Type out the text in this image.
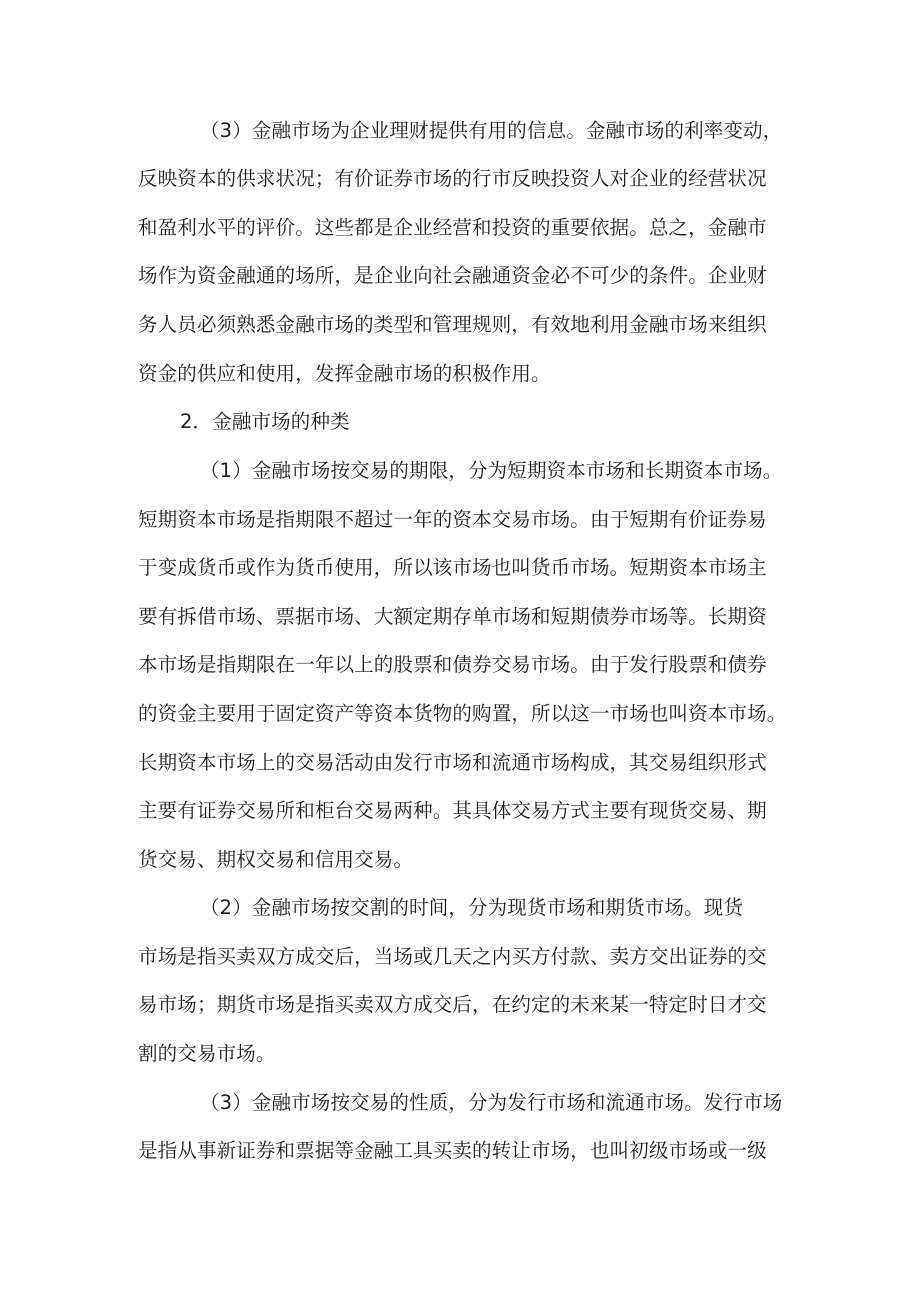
（3）金融市场为企业理财提供有用的信息。金融市场的利率变动，
反映资本的供求状况；有价证券市场的行市反映投资人对企业的经营状况
和盈利水平的评价。这些都是企业经营和投资的重要依据。总之，金融市
场作为资金融通的场所，是企业向社会融通资金必不可少的条件。企业财
务人员必须熟悉金融市场的类型和管理规则，有效地利用金融市场来组织
资金的供应和使用，发挥金融市场的积极作用。
2．金融市场的种类
（1）金融市场按交易的期限，分为短期资本市场和长期资本市场。
短期资本市场是指期限不超过一年的资本交易市场。由于短期有价证券易
于变成货币或作为货币使用，所以该市场也叫货币市场。短期资本市场主
要有拆借市场、票据市场、大额定期存单市场和短期债券市场等。长期资
本市场是指期限在一年以上的股票和债券交易市场。由于发行股票和债券
的资金主要用于固定资产等资本货物的购置，所以这一市场也叫资本市场。
长期资本市场上的交易活动由发行市场和流通市场构成，其交易组织形式
主要有证券交易所和柜台交易两种。其具体交易方式主要有现货交易、期
货交易、期权交易和信用交易。
（2）金融市场按交割的时间，分为现货市场和期货市场。现货
市场是指买卖双方成交后，当场或几天之内买方付款、卖方交出证券的交
易市场；期货市场是指买卖双方成交后，在约定的未来某一特定时日才交
割的交易市场。
（3）金融市场按交易的性质，分为发行市场和流通市场。发行市场
是指从事新证券和票据等金融工具买卖的转让市场，也叫初级市场或一级
